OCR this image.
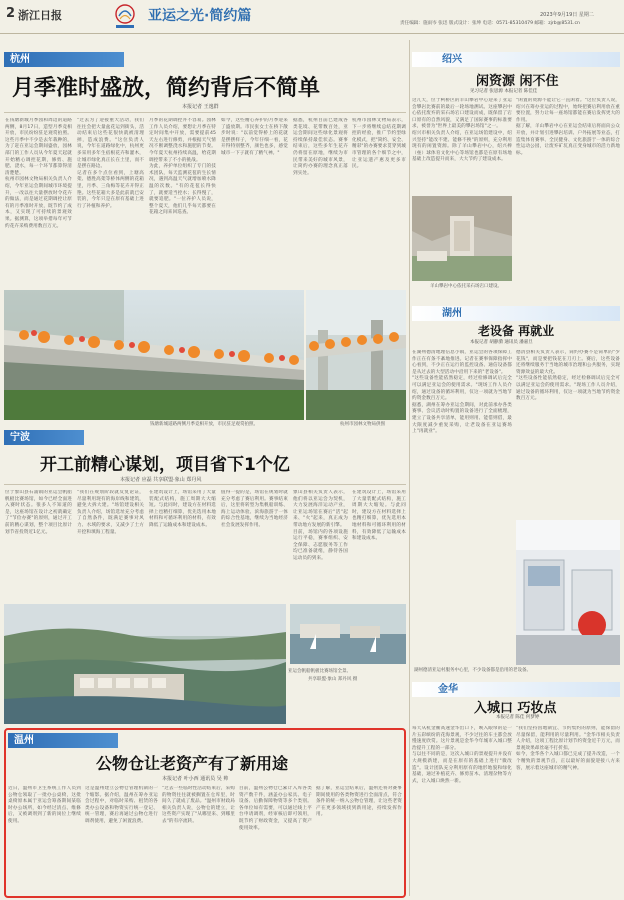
2 浙江日报	亚运之光·简约篇	2023年9月19日 星期二
责任编辑：施雨岑 张迅 版式设计：张坤 电话：0571-85310479 邮箱：zjrb@8531.cn
杭州
月季准时盛放，简约背后不简单
本报记者 王逸群

在钱塘新城月季园和周边的道路两侧，8月17日，造型月季竞相开放，市民纷纷驻足观赏拍照。这些月季中不少是去年栽种的，为了赶在亚运会期间盛放，园林部门的工作人员从今年夏天起就开始精心调控花期，修剪、施肥、浇水，每一个环节都算得清清楚楚。

杭州市园林文物局相关负责人介绍，今年亚运会期间城市环境提升，一改以往大量摆放时令花卉的做法，而是通过花期调控让原有的月季准时开放，既节约了成本，又实现了可持续的景观效果。据测算，这项举措每年可节约花卉采购费用数百万元。

"过去为了迎接重大活动，我们往往会把大量盆花运到街头，活动结束后这些花很快就被清理掉，造成浪费。"这位负责人说，今年在道路绿化中，杭州更多采用多年生宿根花卉和灌木，让城市绿化真正长在土里，而不是摆在路边。

记者在多个点位看到，上塘高架、德胜高架等桥体两侧的花箱里，月季、三角梅等花卉开得正艳。这些花箱大多是此前就已安装的，今年只是在原有基础上进行了补植和养护。

月季的花期调控并不容易。园林工作人员介绍，要想让月季在特定时间集中开放，需要提前45天左右进行修剪，并根据天气情况不断调整浇水和施肥的节奏。今年夏天杭州持续高温，给花期调控带来了不小的挑战。

为此，养护单位组织了专门的技术团队，每天监测花苞的生长情况，遇到高温天气就增加喷水降温的次数。"有的花苞长得快了，就要适当控水；长得慢了，就要追肥。"一位养护人员说，整个夏天，他们几乎每天都要在花箱之间来回巡查。

如今，这些精心养护的月季迎来了盛放期。市民张女士在桥下散步时说："以前觉得桥上的花就是摆摆样子，今年仔细一看，花开得特别整齐，颜色也多，感觉城市一下子就有了精气神。"

据悉，杭州目前已建成各类花境、花带数百处，亚运会期间这些绿化景观将持续保持最佳状态。赛事结束后，这些多年生花卉仍将留在原地，继续为市民带来美好的城市风景，让简约办赛的理念真正落到实处。

杭州市园林文物局表示，下一步将继续总结花期调控的经验，推广节约型绿化模式，把"简约、安全、精彩"的办赛要求贯穿到城市管理的各个细节之中，让亚运遗产惠及更多市民。

钱塘新城道路两侧月季竞相开放，市民驻足观赏拍照。	杭州市园林文物局供图
绍兴
闲资源 闲不住
见习记者 张思源 本报记者 陈佳佳

这几天，位于柯桥区的羊山攀岩中心迎来了亚运会攀岩比赛前的最后一轮场地测试。这座攀岩中心依托废弃的采石场宕口建设而成，既保留了宕口原有的自然风貌，又满足了国际赛事的标准要求，被誉为"世界上最美的攀岩场馆"之一。

绍兴市相关负责人介绍，在亚运场馆建设中，绍兴坚持"能改不建、能修不换"的原则，充分利用现有的闲置资源。除了羊山攀岩中心，绍兴棒（垒）球体育文化中心等场馆也都是在原有场地基础上改造提升而来，大大节约了建设成本。

"闲置的资源不能让它一直闲着。"这位负责人说，绍兴在筹办亚运的过程中，始终把赛后利用放在重要位置，努力让每一座场馆都能在赛后发挥更大的作用。

据了解，羊山攀岩中心在亚运会结束后将面向公众开放，并计划引进攀岩培训、户外拓展等业态，打造集体育赛事、全民健身、文化旅游于一体的综合性运动公园，让废弃矿坑真正变身城市的活力新地标。

羊山攀岩中心依托采石场宕口建设。
湖州
老设备 再就业
本报记者 胡静漪 通讯员 潘嘉旦

在湖州德清地理信息小镇，亚运会的各项保障工作正在有条不紊地推进。记者在赛事保障指挥中心看到，不少正在运行的监控设备、通信设备都是从过去的大型活动中沿用下来的"老设备"。

"这些设备性能依然稳定，经过检修调试后完全可以满足亚运会的使用需求。"现场工作人员介绍，通过设备的循环利用，仅这一项就为当地节约资金数百万元。

据悉，湖州在筹办亚运会期间，对此前承办各类赛事、会议活动时购置的设备进行了全面梳理，建立了设备共享清单，能用则用、能借则借，最大限度减少重复采购，让老设备在亚运赛场上"再就业"。

德清县相关负责人表示，简约办赛不是简单的"少花钱"，而是要把钱花在刀刃上。赛后，这些设备还将继续服务于当地的城市治理和公共服务，实现资源效益的最大化。

"这些设备性能依然稳定，经过检修调试后完全可以满足亚运会的使用需求。"现场工作人员介绍，通过设备的循环利用，仅这一项就为当地节约资金数百万元。

湖州德清亚运村服务中心里，不少设备都是沿用的老设备。
宁波
开工前精心谋划，项目省下1个亿
本报记者 应磊 共享联盟·象山 郑丹风

位于象山县石浦镇的亚运会帆船帆板比赛场馆，如今已经全面进入赛时状态。很多人不知道的是，这座场馆在设计之初就确定了"节俭办赛"的原则，通过开工前的精心谋划，整个项目比原计划节省投资近1亿元。

"我们在规划阶段就反复论证，尽量利用现有的海岸线和建筑，避免大拆大建。"场馆建设相关负责人介绍，场馆选址充分考虑了自然条件，既满足赛事对风力、水域的要求，又减少了土方开挖和填海工程量。

在建筑设计上，场馆采用了大量装配式结构，施工周期大大缩短。与此同时，建设方在材料选择上也精打细算，优先选用本地材料和可循环利用的材料，有效降低了运输成本和建设成本。

值得一提的是，场馆在规划时就充分考虑了赛后利用。赛事结束后，这里将转型为集帆船训练、海上运动体验、滨海旅游于一体的综合性基地，继续为当地经济社会发展发挥作用。

象山县相关负责人表示，他们将以亚运会为契机，大力发展海洋运动产业，让亚运场馆在赛后"活"起来、"火"起来，真正成为带动地方发展的新引擎。

目前，场馆内的各项设施运行平稳，赛事组织、安全保障、志愿服务等工作均已准备就绪，静待各国运动员的到来。

在建筑设计上，场馆采用了大量装配式结构，施工周期大大缩短。与此同时，建设方在材料选择上也精打细算，优先选用本地材料和可循环利用的材料，有效降低了运输成本和建设成本。

亚运会帆船帆板比赛场馆全景。
共享联盟·象山 郑丹风 摄
金华
入城口 巧妆点
本报记者 陈佳 何梦婷

每天从杭金衢高速金华出口下，映入眼帘的是一片五彩缤纷的花海景观，不少过往的车主都会放慢速度欣赏。这片景观是金华今年城市入城口整治提升工程的一部分。

与以往不同的是，这次入城口的景观提升并没有大规模新建，而是在原有的基础上进行"微改造"。设计团队充分利用原有的地形地貌和绿化基础，通过补植花卉、修剪苗木、清理杂物等方式，让入城口焕然一新。

"我们坚持因地制宜、节约集约的原则，能保留的尽量保留，能利用的尽量利用。"金华市相关负责人介绍，这项工程比原计划节约资金近千万元，而景观效果却丝毫不打折扣。

如今，金华各个入城口都已完成了提升改造，一个个精致的景观节点，正以最好的面貌迎接八方来客，展示着这座城市的精气神。

温州
公物仓让老资产有了新用途
本报记者 叶小西 通讯员 吴 帅

近日，温州市卫生系统工作人员到公物仓领取了一批办公桌椅，这批桌椅原本属于亚运会筹备期间某临时办公场所，如今经过清点、维修后，又被调剂到了新的岗位上继续使用。

这是温州建立公物仓管理机制的一个缩影。据介绍，温州在筹办亚运会过程中，对临时采购、租赁的各类办公设备和物资实行统一登记、统一管理，赛后再通过公物仓进行调剂使用，避免了闲置浪费。

"过去一些临时性活动结束后，采购的物资往往就被搁置在仓库里，时间久了就成了废品。"温州市财政局相关负责人说，公物仓的建立，让这些资产实现了"从哪里来、到哪里去"的有序流转。

目前，温州公物仓已累计入库各类资产数千件，涵盖办公家具、电子设备、后勤保障物资等多个类别。各单位如有需要，可以通过线上平台申请调剂，经审核后即可领用，既节约了财政资金，又提高了资产使用效率。

据了解，亚运会结束后，温州还将对赛事期间使用的各类物资进行全面清点，符合条件的统一纳入公物仓管理，让这些老资产在更多领域找到新用途，持续发挥作用。
